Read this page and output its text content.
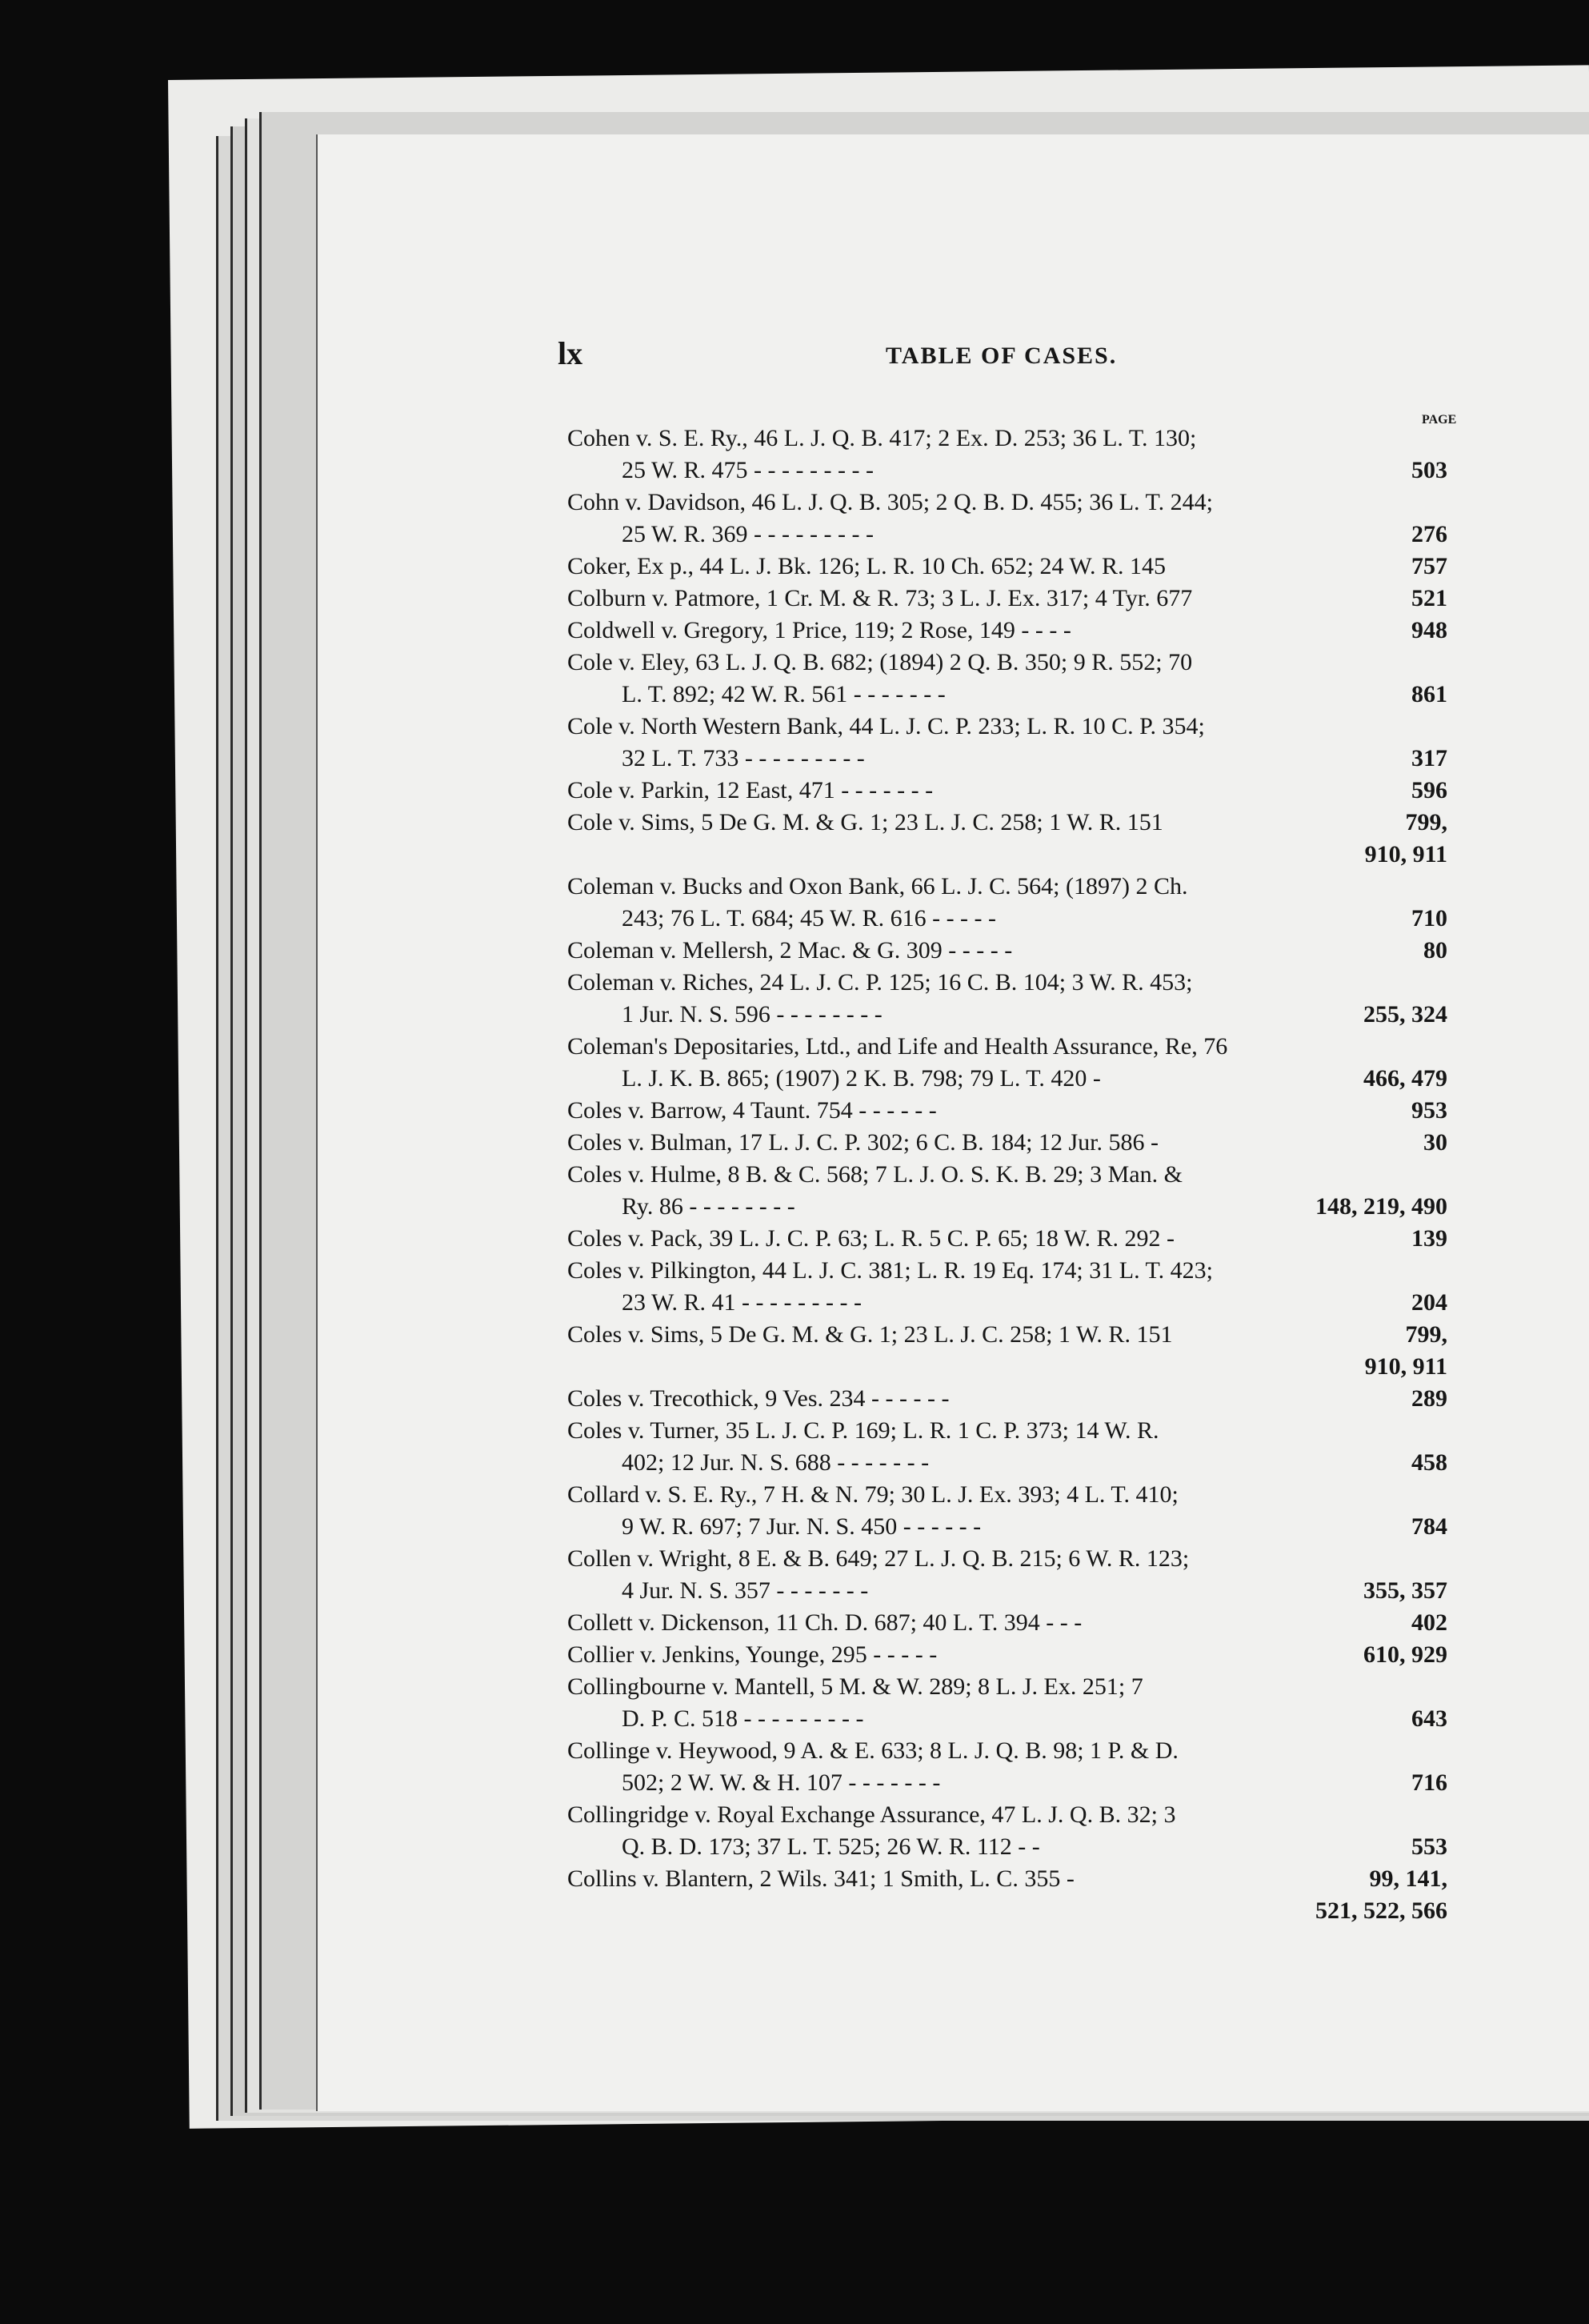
lx	TABLE OF CASES.
PAGE
Cohen v. S. E. Ry., 46 L. J. Q. B. 417; 2 Ex. D. 253; 36 L. T. 130;
25 W. R. 475 - - - - - - - - -	503
Cohn v. Davidson, 46 L. J. Q. B. 305; 2 Q. B. D. 455; 36 L. T. 244;
25 W. R. 369 - - - - - - - - -	276
Coker, Ex p., 44 L. J. Bk. 126; L. R. 10 Ch. 652; 24 W. R. 145	757
Colburn v. Patmore, 1 Cr. M. & R. 73; 3 L. J. Ex. 317; 4 Tyr. 677	521
Coldwell v. Gregory, 1 Price, 119; 2 Rose, 149 - - - -	948
Cole v. Eley, 63 L. J. Q. B. 682; (1894) 2 Q. B. 350; 9 R. 552; 70
L. T. 892; 42 W. R. 561 - - - - - - -	861
Cole v. North Western Bank, 44 L. J. C. P. 233; L. R. 10 C. P. 354;
32 L. T. 733 - - - - - - - - -	317
Cole v. Parkin, 12 East, 471 - - - - - - -	596
Cole v. Sims, 5 De G. M. & G. 1; 23 L. J. C. 258; 1 W. R. 151	799,
910, 911
Coleman v. Bucks and Oxon Bank, 66 L. J. C. 564; (1897) 2 Ch.
243; 76 L. T. 684; 45 W. R. 616 - - - - -	710
Coleman v. Mellersh, 2 Mac. & G. 309 - - - - -	80
Coleman v. Riches, 24 L. J. C. P. 125; 16 C. B. 104; 3 W. R. 453;
1 Jur. N. S. 596 - - - - - - - -	255, 324
Coleman's Depositaries, Ltd., and Life and Health Assurance, Re, 76
L. J. K. B. 865; (1907) 2 K. B. 798; 79 L. T. 420 -	466, 479
Coles v. Barrow, 4 Taunt. 754 - - - - - -	953
Coles v. Bulman, 17 L. J. C. P. 302; 6 C. B. 184; 12 Jur. 586 -	30
Coles v. Hulme, 8 B. & C. 568; 7 L. J. O. S. K. B. 29; 3 Man. &
Ry. 86 - - - - - - - -	148, 219, 490
Coles v. Pack, 39 L. J. C. P. 63; L. R. 5 C. P. 65; 18 W. R. 292 -	139
Coles v. Pilkington, 44 L. J. C. 381; L. R. 19 Eq. 174; 31 L. T. 423;
23 W. R. 41 - - - - - - - - -	204
Coles v. Sims, 5 De G. M. & G. 1; 23 L. J. C. 258; 1 W. R. 151	799,
910, 911
Coles v. Trecothick, 9 Ves. 234 - - - - - -	289
Coles v. Turner, 35 L. J. C. P. 169; L. R. 1 C. P. 373; 14 W. R.
402; 12 Jur. N. S. 688 - - - - - - -	458
Collard v. S. E. Ry., 7 H. & N. 79; 30 L. J. Ex. 393; 4 L. T. 410;
9 W. R. 697; 7 Jur. N. S. 450 - - - - - -	784
Collen v. Wright, 8 E. & B. 649; 27 L. J. Q. B. 215; 6 W. R. 123;
4 Jur. N. S. 357 - - - - - - -	355, 357
Collett v. Dickenson, 11 Ch. D. 687; 40 L. T. 394 - - -	402
Collier v. Jenkins, Younge, 295 - - - - -	610, 929
Collingbourne v. Mantell, 5 M. & W. 289; 8 L. J. Ex. 251; 7
D. P. C. 518 - - - - - - - - -	643
Collinge v. Heywood, 9 A. & E. 633; 8 L. J. Q. B. 98; 1 P. & D.
502; 2 W. W. & H. 107 - - - - - - -	716
Collingridge v. Royal Exchange Assurance, 47 L. J. Q. B. 32; 3
Q. B. D. 173; 37 L. T. 525; 26 W. R. 112 - -	553
Collins v. Blantern, 2 Wils. 341; 1 Smith, L. C. 355 -	99, 141,
521, 522, 566
